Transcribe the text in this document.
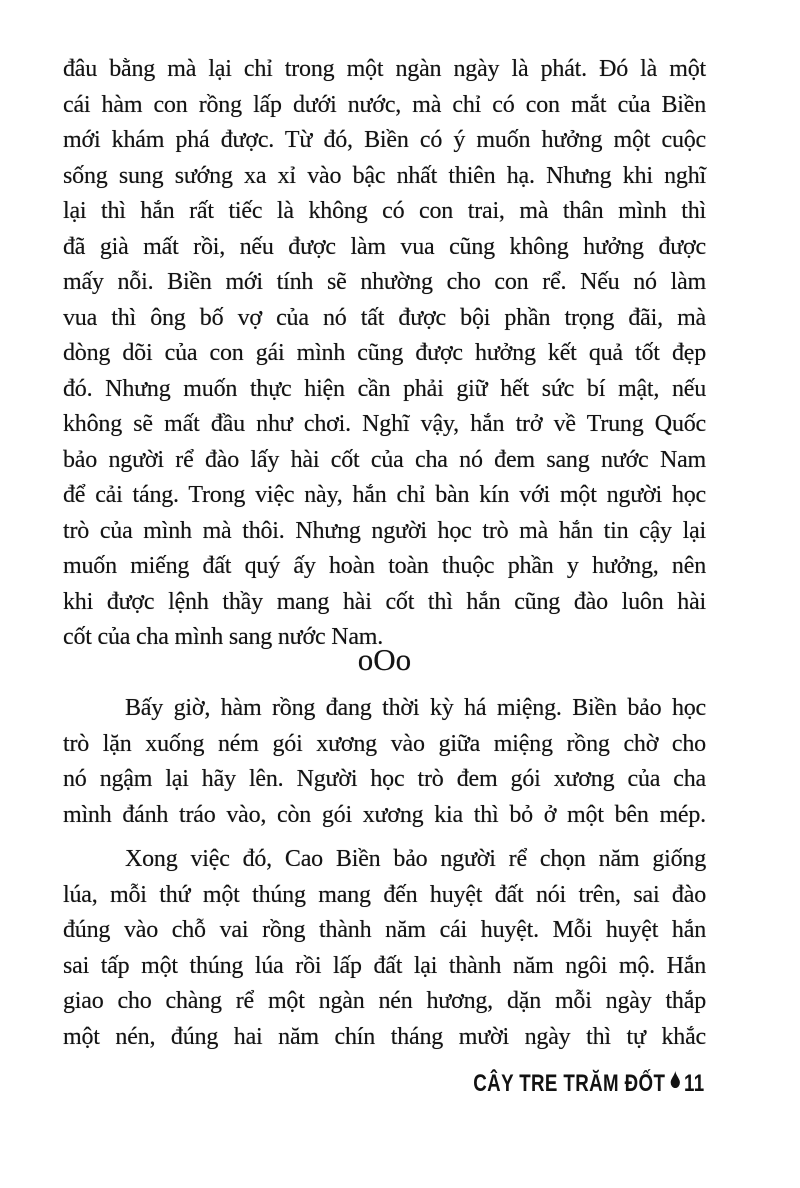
đâu bằng mà lại chỉ trong một ngàn ngày là phát. Đó là một
cái hàm con rồng lấp dưới nước, mà chỉ có con mắt của Biền
mới khám phá được. Từ đó, Biền có ý muốn hưởng một cuộc
sống sung sướng xa xỉ vào bậc nhất thiên hạ. Nhưng khi nghĩ
lại thì hắn rất tiếc là không có con trai, mà thân mình thì
đã già mất rồi, nếu được làm vua cũng không hưởng được
mấy nỗi. Biền mới tính sẽ nhường cho con rể. Nếu nó làm
vua thì ông bố vợ của nó tất được bội phần trọng đãi, mà
dòng dõi của con gái mình cũng được hưởng kết quả tốt đẹp
đó. Nhưng muốn thực hiện cần phải giữ hết sức bí mật, nếu
không sẽ mất đầu như chơi. Nghĩ vậy, hắn trở về Trung Quốc
bảo người rể đào lấy hài cốt của cha nó đem sang nước Nam
để cải táng. Trong việc này, hắn chỉ bàn kín với một người học
trò của mình mà thôi. Nhưng người học trò mà hắn tin cậy lại
muốn miếng đất quý ấy hoàn toàn thuộc phần y hưởng, nên
khi được lệnh thầy mang hài cốt thì hắn cũng đào luôn hài
cốt của cha mình sang nước Nam.
oOo
Bấy giờ, hàm rồng đang thời kỳ há miệng. Biền bảo học
trò lặn xuống ném gói xương vào giữa miệng rồng chờ cho
nó ngậm lại hãy lên. Người học trò đem gói xương của cha
mình đánh tráo vào, còn gói xương kia thì bỏ ở một bên mép.
Xong việc đó, Cao Biền bảo người rể chọn năm giống
lúa, mỗi thứ một thúng mang đến huyệt đất nói trên, sai đào
đúng vào chỗ vai rồng thành năm cái huyệt. Mỗi huyệt hắn
sai tấp một thúng lúa rồi lấp đất lại thành năm ngôi mộ. Hắn
giao cho chàng rể một ngàn nén hương, dặn mỗi ngày thắp
một nén, đúng hai năm chín tháng mười ngày thì tự khắc
CÂY TRE TRĂM ĐỐT 11
